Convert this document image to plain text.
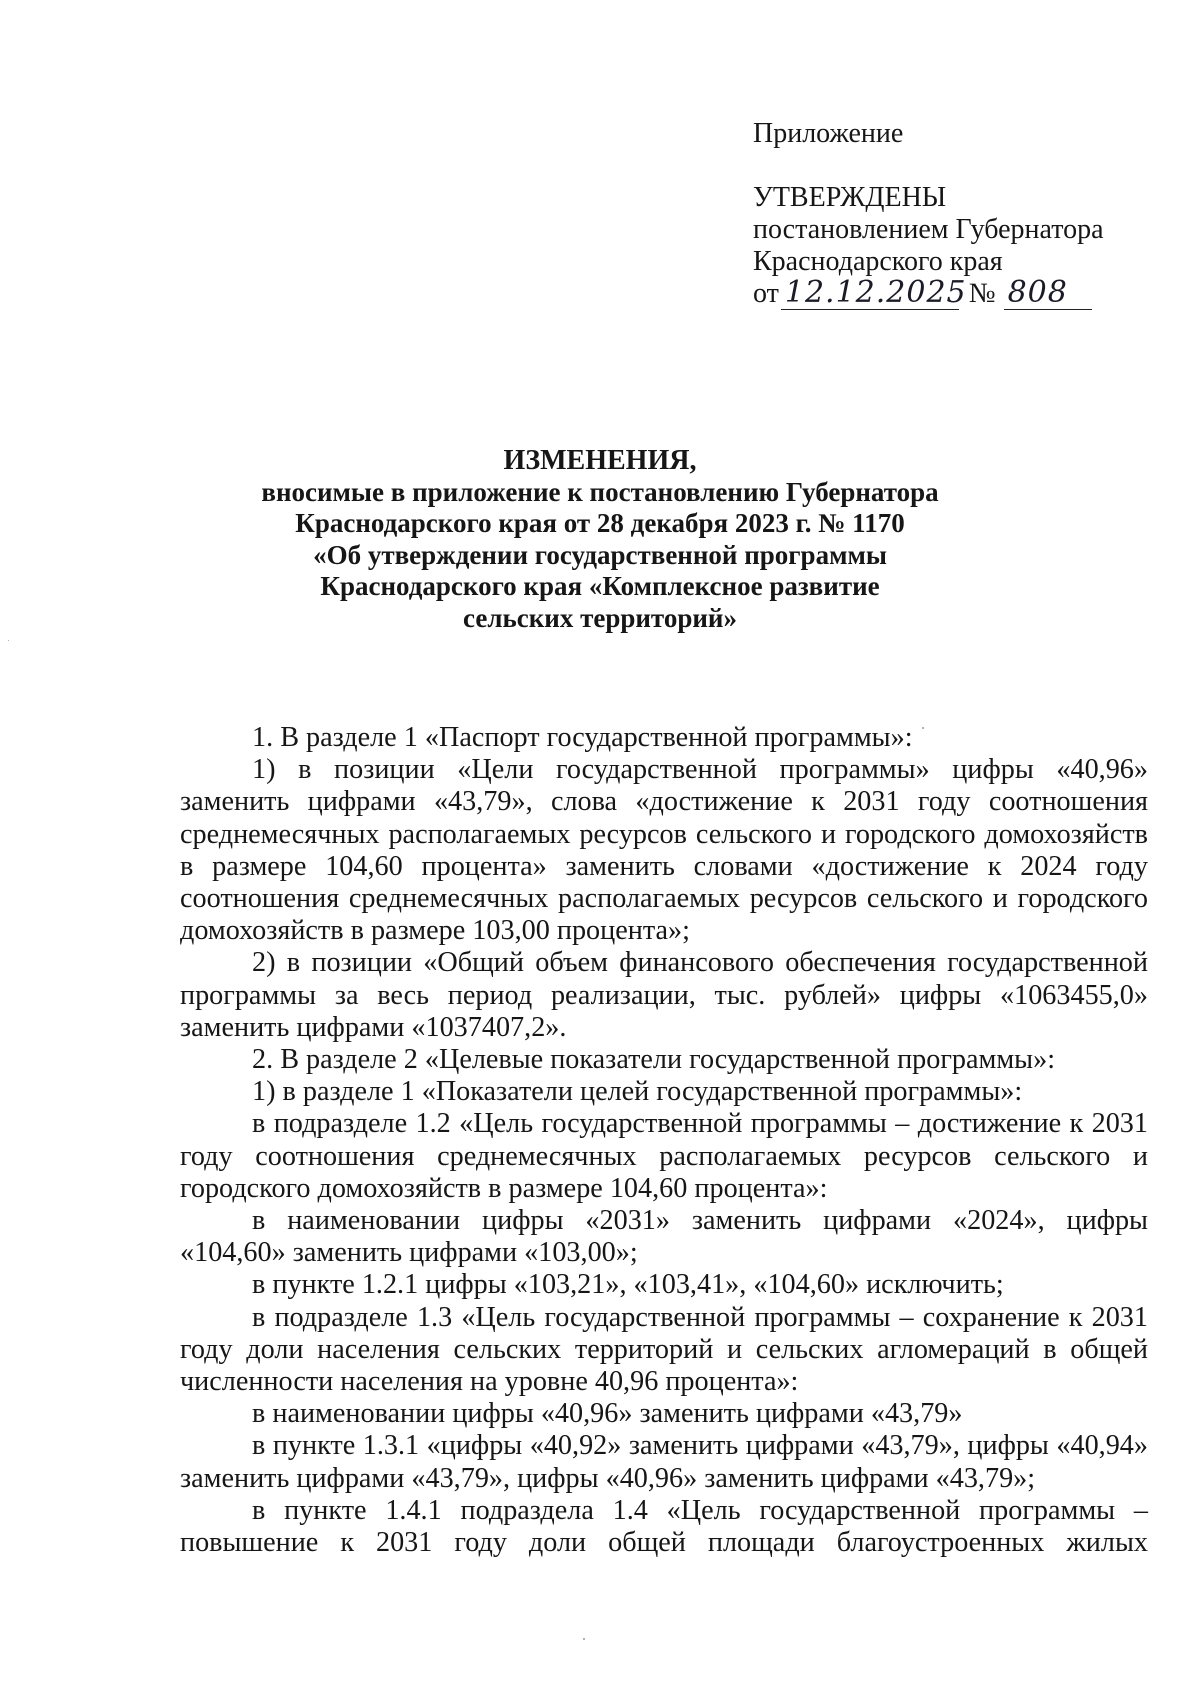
Приложение
УТВЕРЖДЕНЫ
постановлением Губернатора
Краснодарского края
от 12.12.2025 № 808
ИЗМЕНЕНИЯ,
вносимые в приложение к постановлению Губернатора
Краснодарского края от 28 декабря 2023 г. № 1170
«Об утверждении государственной программы
Краснодарского края «Комплексное развитие
сельских территорий»

1. В разделе 1 «Паспорт государственной программы»:

1) в позиции «Цели государственной программы» цифры «40,96» заменить цифрами «43,79», слова «достижение к 2031 году соотношения среднемесячных располагаемых ресурсов сельского и городского домохозяйств в размере 104,60 процента» заменить словами «достижение к 2024 году соотношения среднемесячных располагаемых ресурсов сельского и городского домохозяйств в размере 103,00 процента»;

2) в позиции «Общий объем финансового обеспечения государственной программы за весь период реализации, тыс. рублей» цифры «1063455,0» заменить цифрами «1037407,2».

2. В разделе 2 «Целевые показатели государственной программы»:

1) в разделе 1 «Показатели целей государственной программы»:

в подразделе 1.2 «Цель государственной программы – достижение к 2031 году соотношения среднемесячных располагаемых ресурсов сельского и городского домохозяйств в размере 104,60 процента»:

в наименовании цифры «2031» заменить цифрами «2024», цифры «104,60» заменить цифрами «103,00»;

в пункте 1.2.1 цифры «103,21», «103,41», «104,60» исключить;

в подразделе 1.3 «Цель государственной программы – сохранение к 2031 году доли населения сельских территорий и сельских агломераций в общей численности населения на уровне 40,96 процента»:

в наименовании цифры «40,96» заменить цифрами «43,79»

в пункте 1.3.1 «цифры «40,92» заменить цифрами «43,79», цифры «40,94» заменить цифрами «43,79», цифры «40,96» заменить цифрами «43,79»;

в пункте 1.4.1 подраздела 1.4 «Цель государственной программы – повышение к 2031 году доли общей площади благоустроенных жилых
